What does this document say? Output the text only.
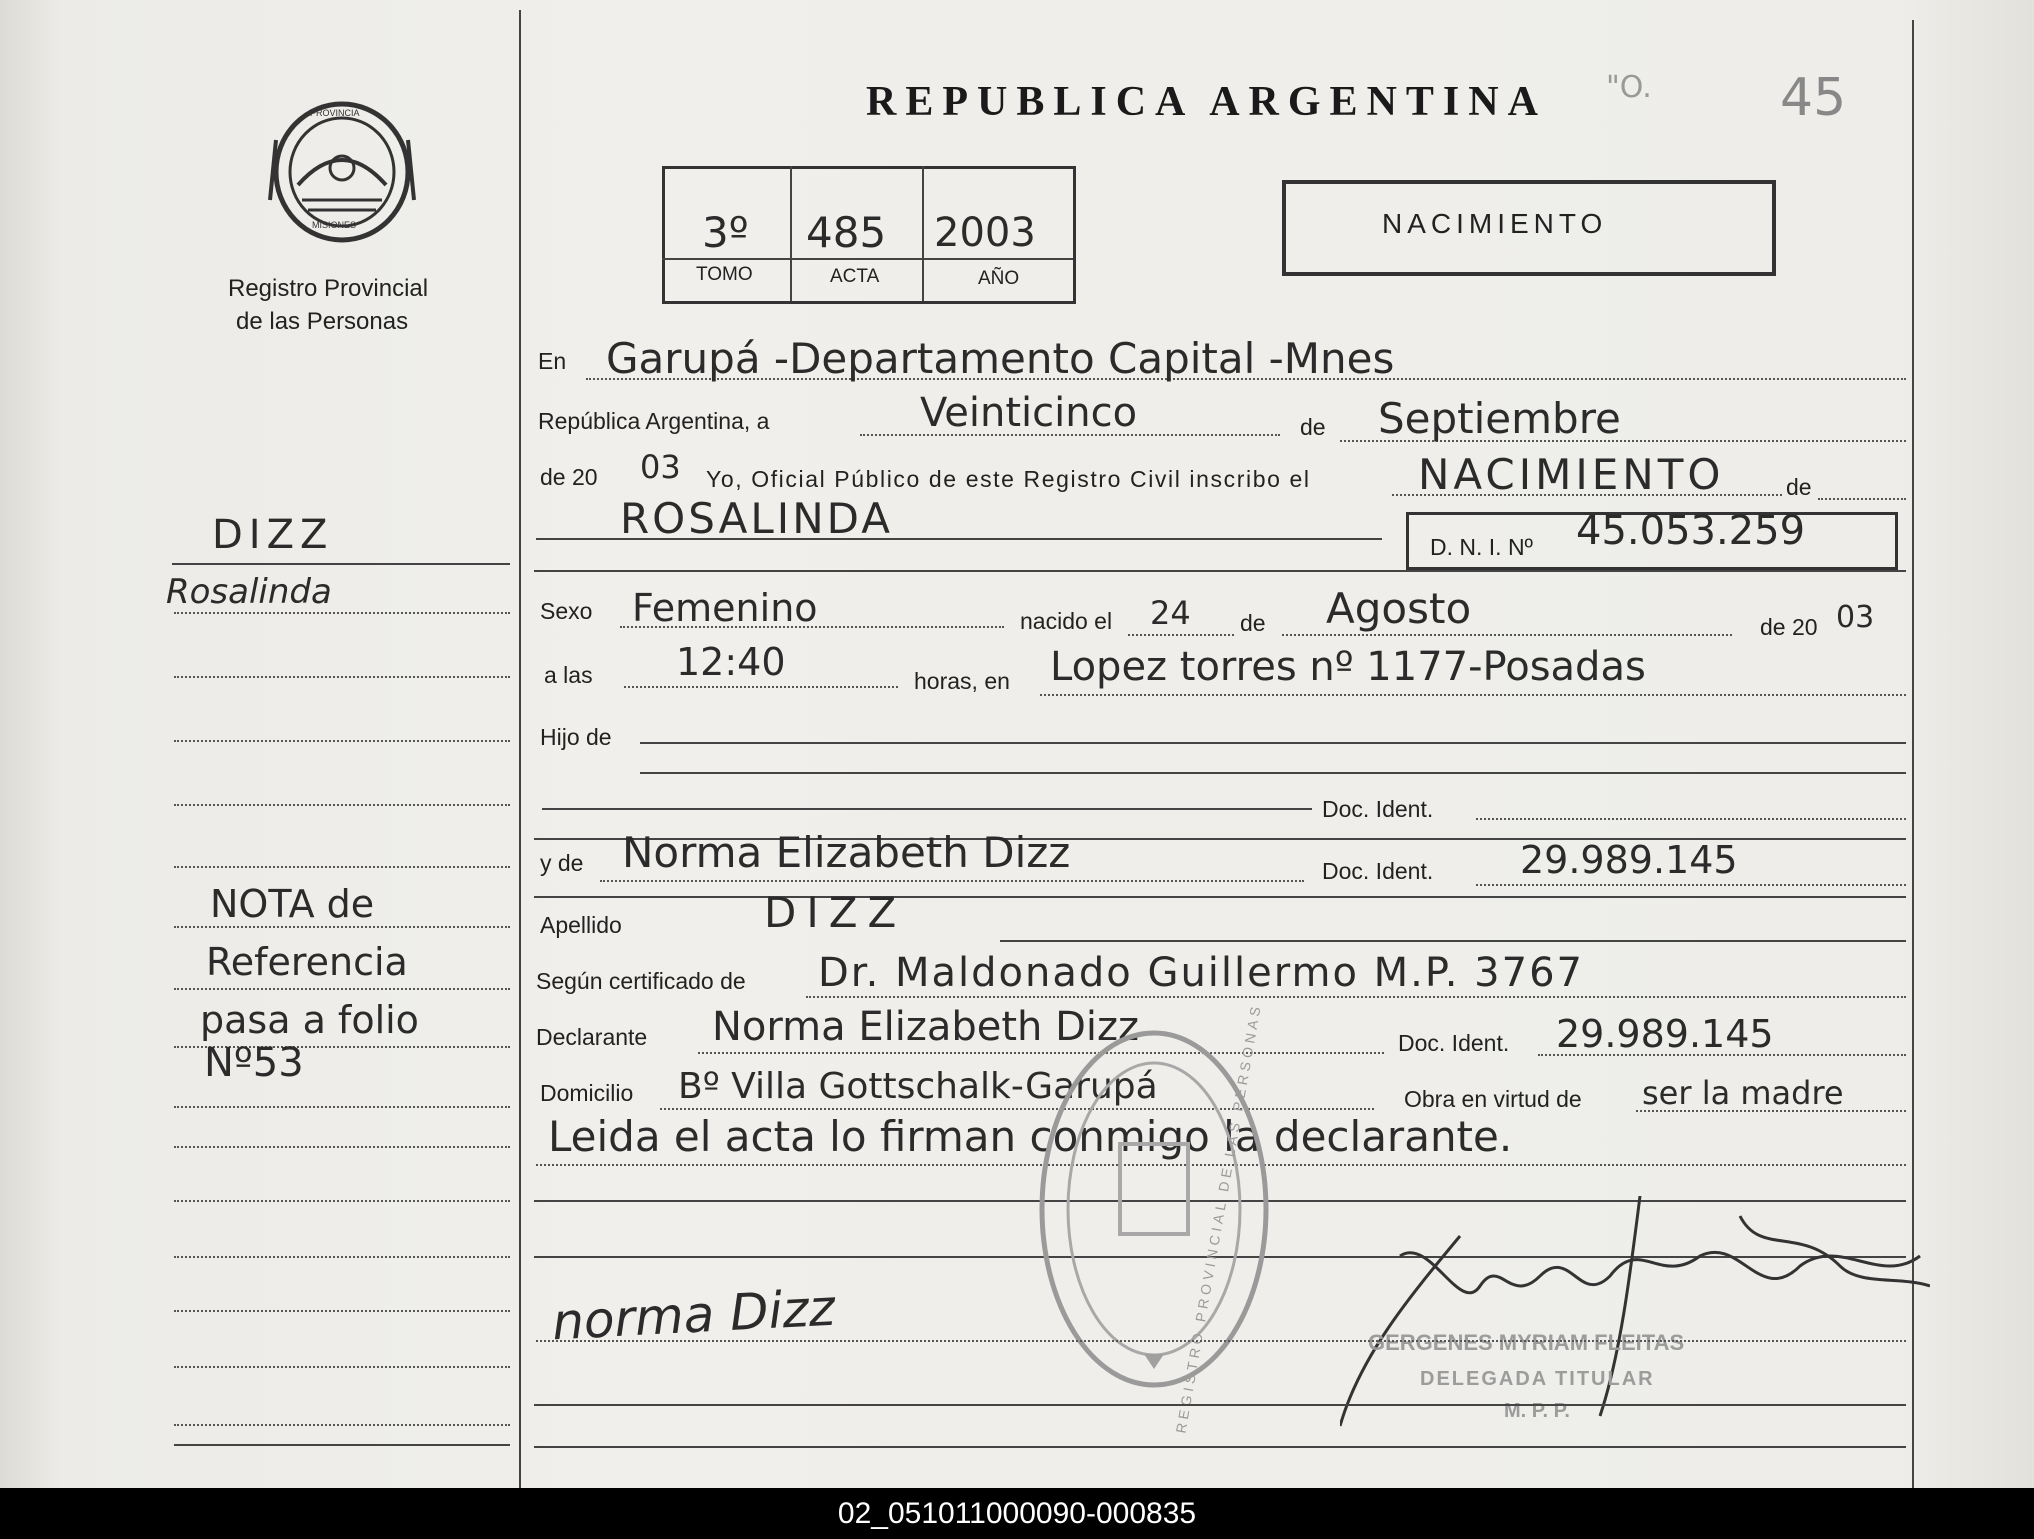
PROVINCIA
MISIONES
Registro Provincial
de las Personas
DIZZ
Rosalinda
NOTA de
Referencia
pasa a folio
Nº53
REPUBLICA ARGENTINA "O. 45
3º 485 2003
TOMO	ACTA	AÑO
NACIMIENTO
En Garupá -Departamento Capital -Mnes
República Argentina, a	Veinticinco	de Septiembre
de 20 03 Yo, Oficial Público de este Registro Civil inscribo el	NACIMIENTO	de
ROSALINDA
D. N. I. Nº 45.053.259
Sexo Femenino	nacido el 24 de Agosto	de 20 03
a las 12:40	horas, en Lopez torres nº 1177-Posadas
Hijo de
Doc. Ident.
y de Norma Elizabeth Dizz	Doc. Ident. 29.989.145
Apellido	DIZZ
Según certificado de Dr. Maldonado Guillermo M.P. 3767
Declarante Norma Elizabeth Dizz	Doc. Ident. 29.989.145
Domicilio Bº Villa Gottschalk-Garupá	Obra en virtud de ser la madre
Leida el acta lo firman conmigo la declarante.
norma Dizz	REGISTRO PROVINCIAL DE LAS PERSONAS	GERGENES MYRIAM FLEITAS
DELEGADA TITULAR
M. P. P.
02_051011000090-000835
